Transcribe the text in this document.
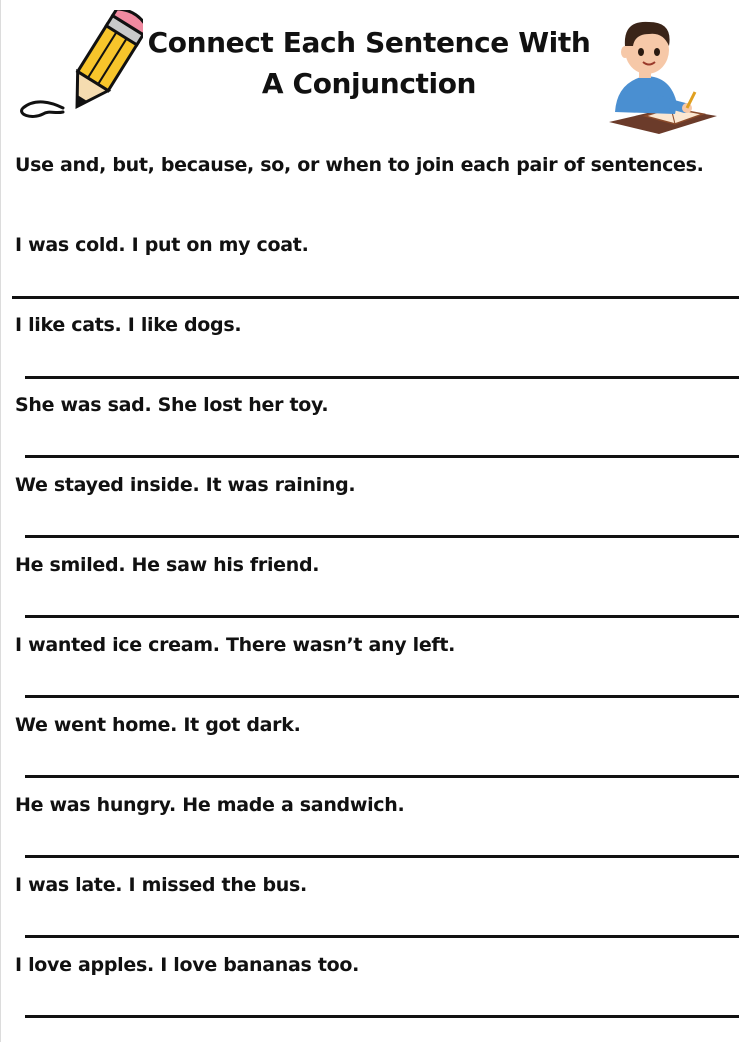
Connect Each Sentence With
A Conjunction
Use and, but, because, so, or when to join each pair of sentences.
I was cold. I put on my coat.
I like cats. I like dogs.
She was sad. She lost her toy.
We stayed inside. It was raining.
He smiled. He saw his friend.
I wanted ice cream. There wasn’t any left.
We went home. It got dark.
He was hungry. He made a sandwich.
I was late. I missed the bus.
I love apples. I love bananas too.
